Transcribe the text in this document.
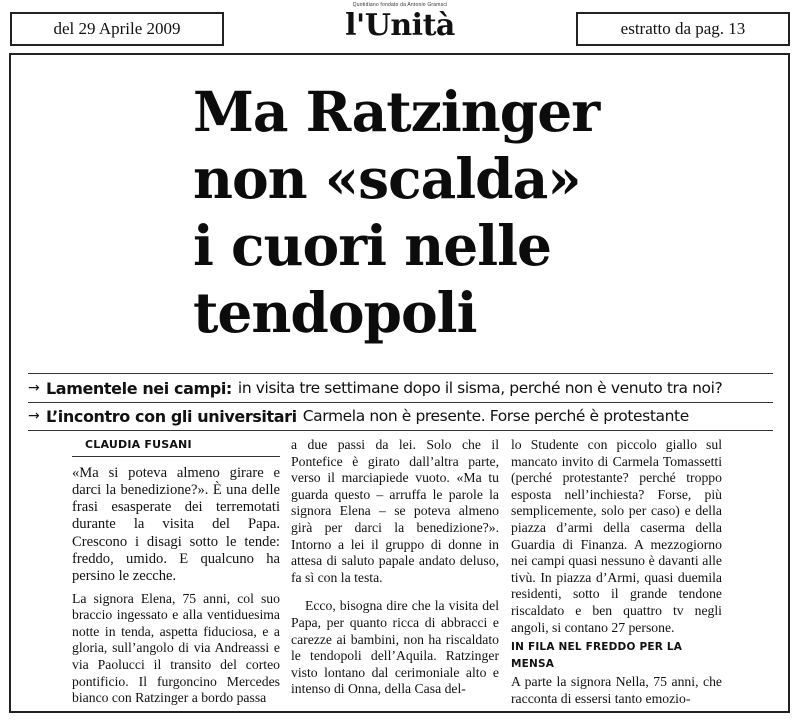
del 29 Aprile 2009
Quotidiano fondato da Antonio Gramsci
l'Unità	estratto da pag. 13
Ma Ratzinger
non «scalda»
i cuori nelle
tendopoli
→ Lamentele nei campi: in visita tre settimane dopo il sisma, perché non è venuto tra noi?
→ L’incontro con gli universitari Carmela non è presente. Forse perché è protestante
CLAUDIA FUSANI

«Ma si poteva almeno girare e darci la benedizione?». È una delle frasi esasperate dei terremotati durante la visita del Papa. Crescono i disagi sotto le tende: freddo, umido. E qualcuno ha persino le zecche.

La signora Elena, 75 anni, col suo braccio ingessato e alla ventiduesima notte in tenda, aspetta fiduciosa, e a gloria, sull’angolo di via Andreassi e via Paolucci il transito del corteo pontificio. Il furgoncino Mercedes bianco con Ratzinger a bordo passa

a due passi da lei. Solo che il Pontefice è girato dall’altra parte, verso il marciapiede vuoto. «Ma tu guarda questo – arruffa le parole la signora Elena – se poteva almeno girà per darci la benedizione?». Intorno a lei il gruppo di donne in attesa di saluto papale andato deluso, fa sì con la testa.

Ecco, bisogna dire che la visita del Papa, per quanto ricca di abbracci e carezze ai bambini, non ha riscaldato le tendopoli dell’Aquila. Ratzinger visto lontano dal cerimoniale alto e intenso di Onna, della Casa del-

lo Studente con piccolo giallo sul mancato invito di Carmela Tomassetti (perché protestante? perché troppo esposta nell’inchiesta? Forse, più semplicemente, solo per caso) e della piazza d’armi della caserma della Guardia di Finanza. A mezzogiorno nei campi quasi nessuno è davanti alle tivù. In piazza d’Armi, quasi duemila residenti, sotto il grande tendone riscaldato e ben quattro tv negli angoli, si contano 27 persone.

IN FILA NEL FREDDO PER LA MENSA

A parte la signora Nella, 75 anni, che racconta di essersi tanto emozio-
